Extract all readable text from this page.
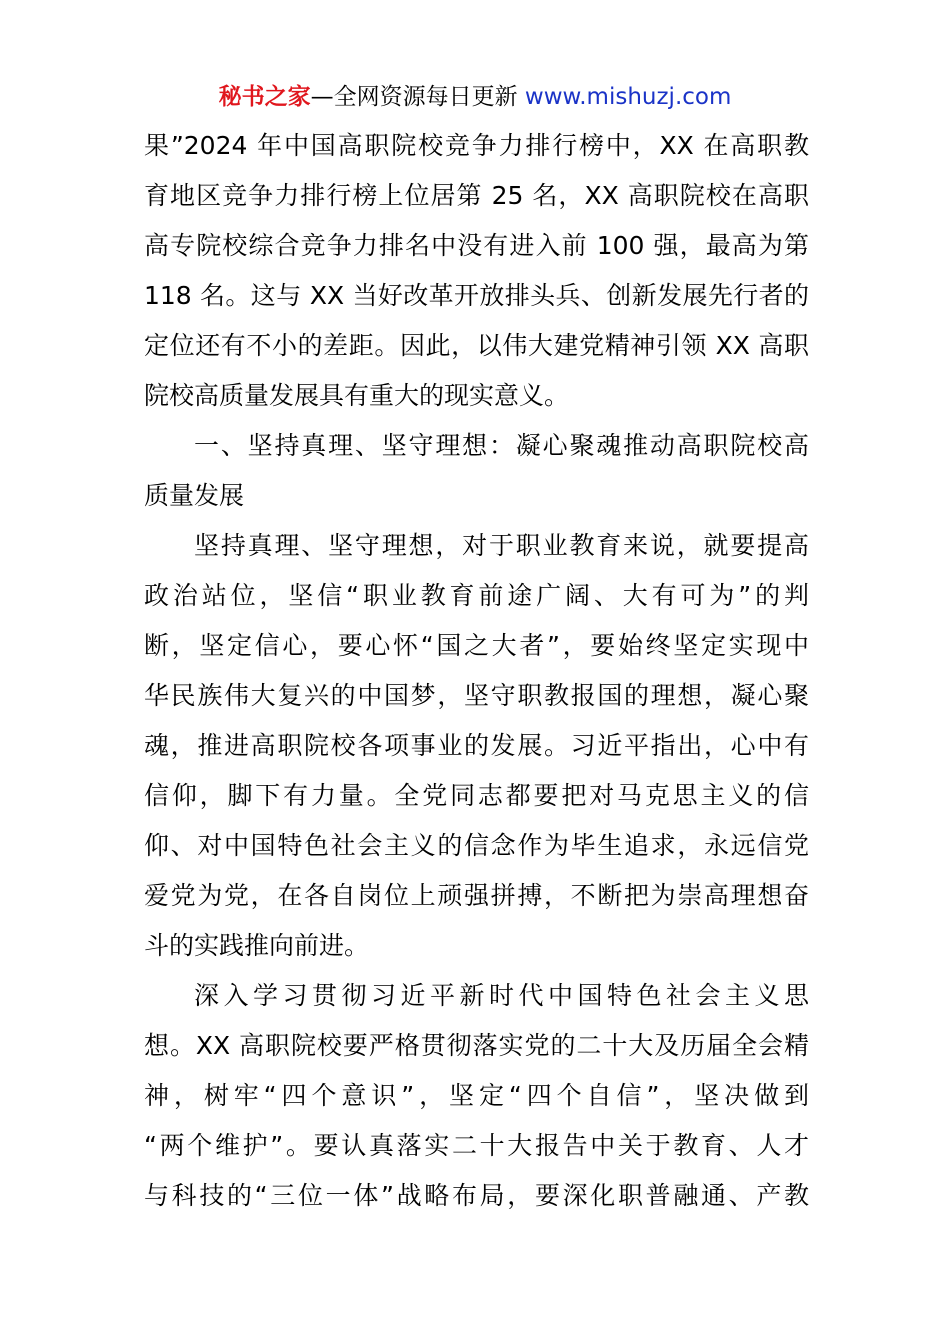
秘书之家—全网资源每日更新 www.mishuzj.com
果”2024 年中国高职院校竞争力排行榜中，XX 在高职教
育地区竞争力排行榜上位居第 25 名，XX 高职院校在高职
高专院校综合竞争力排名中没有进入前 100 强，最高为第
118 名。这与 XX 当好改革开放排头兵、创新发展先行者的
定位还有不小的差距。因此，以伟大建党精神引领 XX 高职
院校高质量发展具有重大的现实意义。
一、坚持真理、坚守理想：凝心聚魂推动高职院校高
质量发展
坚持真理、坚守理想，对于职业教育来说，就要提高
政治站位，坚信“职业教育前途广阔、大有可为”的判
断，坚定信心，要心怀“国之大者”，要始终坚定实现中
华民族伟大复兴的中国梦，坚守职教报国的理想，凝心聚
魂，推进高职院校各项事业的发展。习近平指出，心中有
信仰，脚下有力量。全党同志都要把对马克思主义的信
仰、对中国特色社会主义的信念作为毕生追求，永远信党
爱党为党，在各自岗位上顽强拼搏，不断把为崇高理想奋
斗的实践推向前进。
深入学习贯彻习近平新时代中国特色社会主义思
想。XX 高职院校要严格贯彻落实党的二十大及历届全会精
神，树牢“四个意识”，坚定“四个自信”，坚决做到
“两个维护”。要认真落实二十大报告中关于教育、人才
与科技的“三位一体”战略布局，要深化职普融通、产教
